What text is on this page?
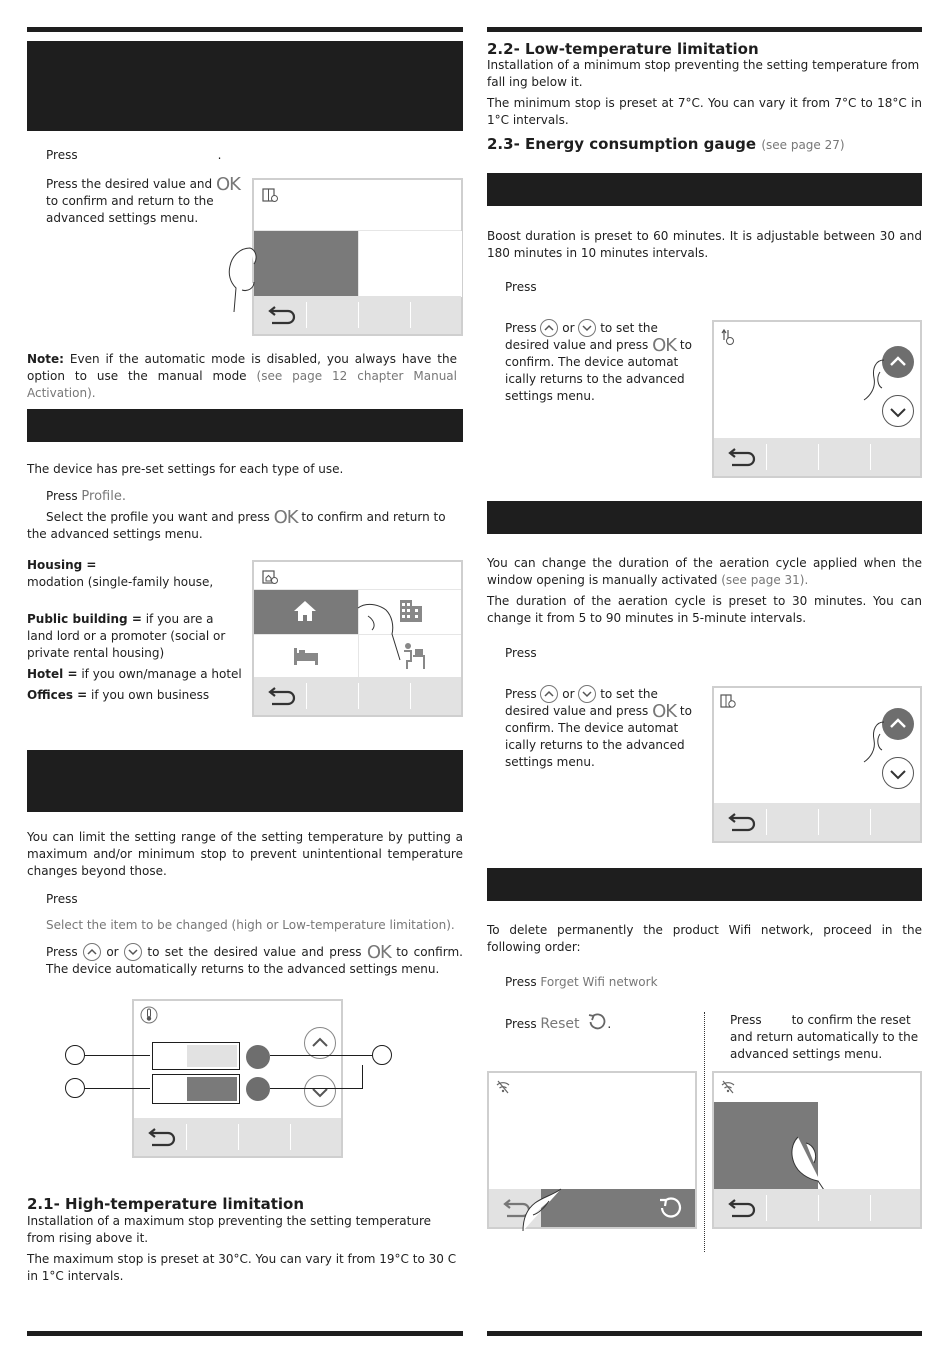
Press	.
Press the desired value and OK to confirm and return to the advanced settings menu.
Note: Even if the automatic mode is disabled, you always have the option to use the manual mode (see page 12 chapter Manual Activation).
The device has pre-set settings for each type of use.
Press Profile.
Select the profile you want and press OK to confirm and return to the advanced settings menu.
Housing =
modation (single-family house,
Public building = if you are a land lord or a promoter (social or private rental housing)
Hotel = if you own/manage a hotel
Offices = if you own business
You can limit the setting range of the setting temperature by putting a maximum and/or minimum stop to prevent unintentional temperature changes beyond those.
Press
Select the item to be changed (high or Low-temperature limitation).
Press or to set the desired value and press OK to confirm. The device automatically returns to the advanced settings menu.
2.1- High-temperature limitation
Installation of a maximum stop preventing the setting temperature from rising above it.
The maximum stop is preset at 30°C. You can vary it from 19°C to 30 C in 1°C intervals.
2.2- Low-temperature limitation
Installation of a minimum stop preventing the setting temperature from fall ing below it.
The minimum stop is preset at 7°C. You can vary it from 7°C to 18°C in 1°C intervals.
2.3- Energy consumption gauge (see page 27)
Boost duration is preset to 60 minutes. It is adjustable between 30 and 180 minutes in 10 minutes intervals.
Press
Press or to set the desired value and press OK to confirm. The device automat ically returns to the advanced settings menu.
You can change the duration of the aeration cycle applied when the window opening is manually activated (see page 31).
The duration of the aeration cycle is preset to 30 minutes. You can change it from 5 to 90 minutes in 5-minute intervals.
Press
Press or to set the desired value and press OK to confirm. The device automat ically returns to the advanced settings menu.
To delete permanently the product Wifi network, proceed in the following order:
Press Forget Wifi network
Press Reset .	Press	to confirm the reset and return automatically to the advanced settings menu.
